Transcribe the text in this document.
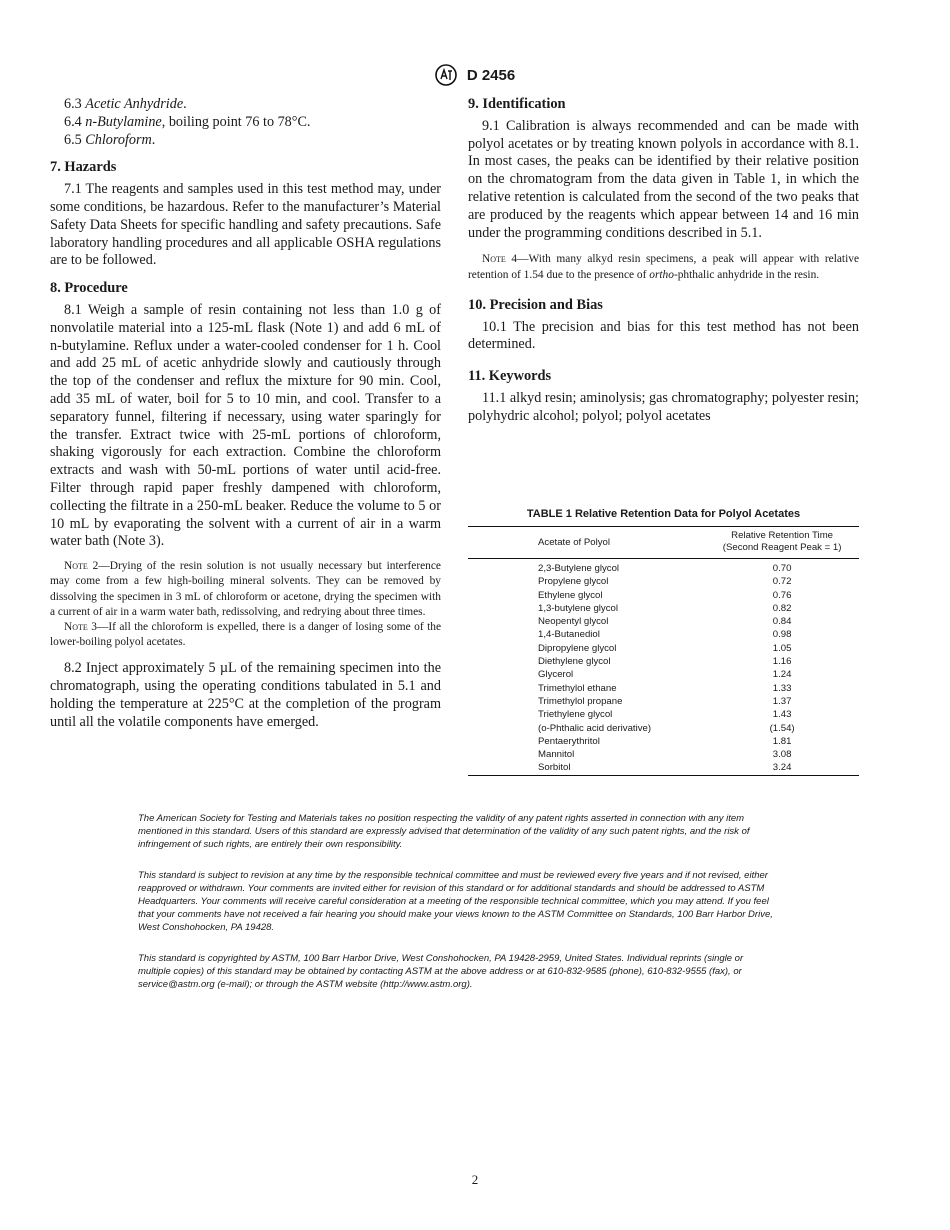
D 2456

6.3 Acetic Anhydride.

6.4 n-Butylamine, boiling point 76 to 78°C.

6.5 Chloroform.

7. Hazards

7.1 The reagents and samples used in this test method may, under some conditions, be hazardous. Refer to the manufacturer’s Material Safety Data Sheets for specific handling and safety precautions. Safe laboratory handling procedures and all applicable OSHA regulations are to be followed.

8. Procedure

8.1 Weigh a sample of resin containing not less than 1.0 g of nonvolatile material into a 125-mL flask (Note 1) and add 6 mL of n-butylamine. Reflux under a water-cooled condenser for 1 h. Cool and add 25 mL of acetic anhydride slowly and cautiously through the top of the condenser and reflux the mixture for 90 min. Cool, add 35 mL of water, boil for 5 to 10 min, and cool. Transfer to a separatory funnel, filtering if necessary, using water sparingly for the transfer. Extract twice with 25-mL portions of chloroform, shaking vigorously for each extraction. Combine the chloroform extracts and wash with 50-mL portions of water until acid-free. Filter through rapid paper freshly dampened with chloroform, collecting the filtrate in a 250-mL beaker. Reduce the volume to 5 or 10 mL by evaporating the solvent with a current of air in a warm water bath (Note 3).

Note 2—Drying of the resin solution is not usually necessary but interference may come from a few high-boiling mineral solvents. They can be removed by dissolving the specimen in 3 mL of chloroform or acetone, drying the specimen with a current of air in a warm water bath, redissolving, and redrying about three times.

Note 3—If all the chloroform is expelled, there is a danger of losing some of the lower-boiling polyol acetates.

8.2 Inject approximately 5 µL of the remaining specimen into the chromatograph, using the operating conditions tabulated in 5.1 and holding the temperature at 225°C at the completion of the program until all the volatile components have emerged.

9. Identification

9.1 Calibration is always recommended and can be made with polyol acetates or by treating known polyols in accordance with 8.1. In most cases, the peaks can be identified by their relative position on the chromatogram from the data given in Table 1, in which the relative retention is calculated from the second of the two peaks that are produced by the reagents which appear between 14 and 16 min under the programming conditions described in 5.1.

Note 4—With many alkyd resin specimens, a peak will appear with relative retention of 1.54 due to the presence of ortho-phthalic anhydride in the resin.

10. Precision and Bias

10.1 The precision and bias for this test method has not been determined.

11. Keywords

11.1 alkyd resin; aminolysis; gas chromatography; polyester resin; polyhydric alcohol; polyol; polyol acetates

TABLE 1 Relative Retention Data for Polyol Acetates
Acetate of Polyol	Relative Retention Time
(Second Reagent Peak = 1)
2,3-Butylene glycol	0.70
Propylene glycol	0.72
Ethylene glycol	0.76
1,3-butylene glycol	0.82
Neopentyl glycol	0.84
1,4-Butanediol	0.98
Dipropylene glycol	1.05
Diethylene glycol	1.16
Glycerol	1.24
Trimethylol ethane	1.33
Trimethylol propane	1.37
Triethylene glycol	1.43
(o-Phthalic acid derivative)	(1.54)
Pentaerythritol	1.81
Mannitol	3.08
Sorbitol	3.24

The American Society for Testing and Materials takes no position respecting the validity of any patent rights asserted in connection with any item mentioned in this standard. Users of this standard are expressly advised that determination of the validity of any such patent rights, and the risk of infringement of such rights, are entirely their own responsibility.

This standard is subject to revision at any time by the responsible technical committee and must be reviewed every five years and if not revised, either reapproved or withdrawn. Your comments are invited either for revision of this standard or for additional standards and should be addressed to ASTM Headquarters. Your comments will receive careful consideration at a meeting of the responsible technical committee, which you may attend. If you feel that your comments have not received a fair hearing you should make your views known to the ASTM Committee on Standards, 100 Barr Harbor Drive, West Conshohocken, PA 19428.

This standard is copyrighted by ASTM, 100 Barr Harbor Drive, West Conshohocken, PA 19428-2959, United States. Individual reprints (single or multiple copies) of this standard may be obtained by contacting ASTM at the above address or at 610-832-9585 (phone), 610-832-9555 (fax), or service@astm.org (e-mail); or through the ASTM website (http://www.astm.org).

2
